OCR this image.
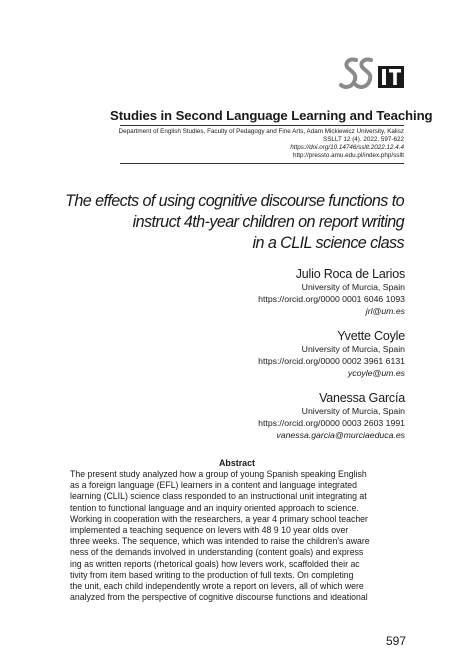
Studies in Second Language Learning and Teaching
Department of English Studies, Faculty of Pedagogy and Fine Arts, Adam Mickiewicz University, Kalisz
SSLLT 12 (4). 2022. 597-622
https://doi.org/10.14746/ssllt.2022.12.4.4
http://pressto.amu.edu.pl/index.php/ssllt
The effects of using cognitive discourse functions to
instruct 4th-year children on report writing
in a CLIL science class
Julio Roca de Larios
University of Murcia, Spain
https://orcid.org/0000 0001 6046 1093
jrl@um.es
Yvette Coyle
University of Murcia, Spain
https://orcid.org/0000 0002 3961 6131
ycoyle@um.es
Vanessa García
University of Murcia, Spain
https://orcid.org/0000 0003 2603 1991
vanessa.garcia@murciaeduca.es
Abstract
The present study analyzed how a group of young Spanish speaking English
as a foreign language (EFL) learners in a content and language integrated
learning (CLIL) science class responded to an instructional unit integrating at
tention to functional language and an inquiry oriented approach to science.
Working in cooperation with the researchers, a year 4 primary school teacher
implemented a teaching sequence on levers with 48 9 10 year olds over
three weeks. The sequence, which was intended to raise the children's aware
ness of the demands involved in understanding (content goals) and express
ing as written reports (rhetorical goals) how levers work, scaffolded their ac
tivity from item based writing to the production of full texts. On completing
the unit, each child independently wrote a report on levers, all of which were
analyzed from the perspective of cognitive discourse functions and ideational
597
